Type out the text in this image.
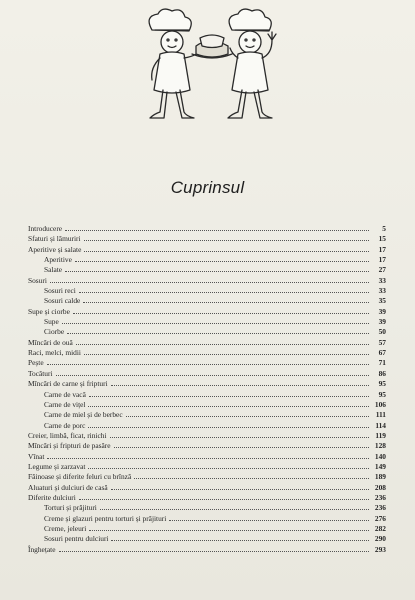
Cuprinsul
Introducere	5
Sfaturi și lămuriri	15
Aperitive și salate	17
Aperitive	17
Salate	27
Sosuri	33
Sosuri reci	33
Sosuri calde	35
Supe și ciorbe	39
Supe	39
Ciorbe	50
Mîncări de ouă	57
Raci, melci, midii	67
Pește	71
Tocături	86
Mîncări de carne și fripturi	95
Carne de vacă	95
Carne de vițel	106
Carne de miel și de berbec	111
Carne de porc	114
Creier, limbă, ficat, rinichi	119
Mîncări și fripturi de pasăre	128
Vînat	140
Legume și zarzavat	149
Făinoase și diferite feluri cu brînză	189
Aluaturi și dulciuri de casă	208
Diferite dulciuri	236
Torturi și prăjituri	236
Creme și glazuri pentru torturi și prăjituri	276
Creme, jeleuri	282
Sosuri pentru dulciuri	290
Înghețate	293
